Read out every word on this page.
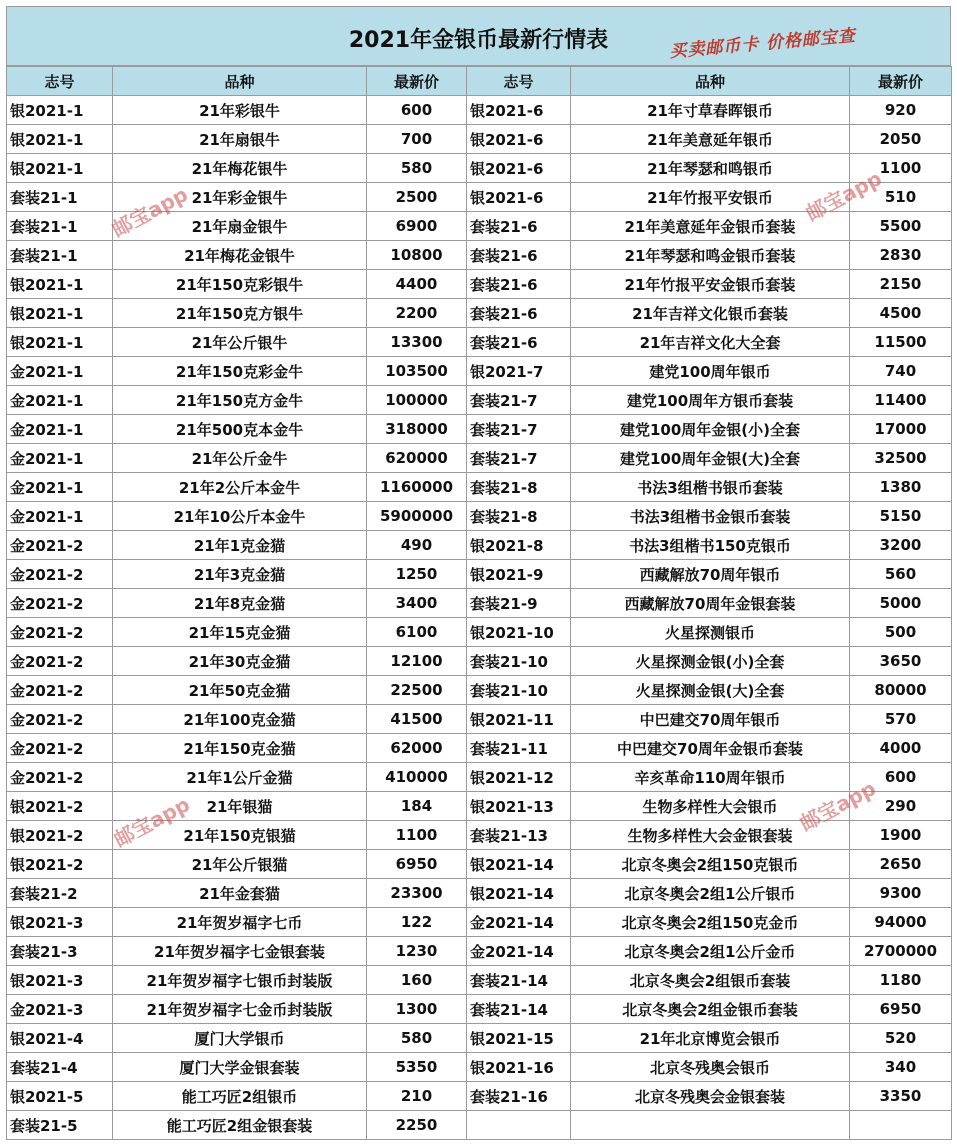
2021年金银币最新行情表	买卖邮币卡 价格邮宝查
志号	品种	最新价	志号	品种	最新价
银2021-1	21年彩银牛	600	银2021-6	21年寸草春晖银币	920
银2021-1	21年扇银牛	700	银2021-6	21年美意延年银币	2050
银2021-1	21年梅花银牛	580	银2021-6	21年琴瑟和鸣银币	1100
套装21-1	21年彩金银牛	2500	银2021-6	21年竹报平安银币	510
套装21-1	21年扇金银牛	6900	套装21-6	21年美意延年金银币套装	5500
套装21-1	21年梅花金银牛	10800	套装21-6	21年琴瑟和鸣金银币套装	2830
银2021-1	21年150克彩银牛	4400	套装21-6	21年竹报平安金银币套装	2150
银2021-1	21年150克方银牛	2200	套装21-6	21年吉祥文化银币套装	4500
银2021-1	21年公斤银牛	13300	套装21-6	21年吉祥文化大全套	11500
金2021-1	21年150克彩金牛	103500	银2021-7	建党100周年银币	740
金2021-1	21年150克方金牛	100000	套装21-7	建党100周年方银币套装	11400
金2021-1	21年500克本金牛	318000	套装21-7	建党100周年金银(小)全套	17000
金2021-1	21年公斤金牛	620000	套装21-7	建党100周年金银(大)全套	32500
金2021-1	21年2公斤本金牛	1160000	套装21-8	书法3组楷书银币套装	1380
金2021-1	21年10公斤本金牛	5900000	套装21-8	书法3组楷书金银币套装	5150
金2021-2	21年1克金猫	490	银2021-8	书法3组楷书150克银币	3200
金2021-2	21年3克金猫	1250	银2021-9	西藏解放70周年银币	560
金2021-2	21年8克金猫	3400	套装21-9	西藏解放70周年金银套装	5000
金2021-2	21年15克金猫	6100	银2021-10	火星探测银币	500
金2021-2	21年30克金猫	12100	套装21-10	火星探测金银(小)全套	3650
金2021-2	21年50克金猫	22500	套装21-10	火星探测金银(大)全套	80000
金2021-2	21年100克金猫	41500	银2021-11	中巴建交70周年银币	570
金2021-2	21年150克金猫	62000	套装21-11	中巴建交70周年金银币套装	4000
金2021-2	21年1公斤金猫	410000	银2021-12	辛亥革命110周年银币	600
银2021-2	21年银猫	184	银2021-13	生物多样性大会银币	290
银2021-2	21年150克银猫	1100	套装21-13	生物多样性大会金银套装	1900
银2021-2	21年公斤银猫	6950	银2021-14	北京冬奥会2组150克银币	2650
套装21-2	21年金套猫	23300	银2021-14	北京冬奥会2组1公斤银币	9300
银2021-3	21年贺岁福字七币	122	金2021-14	北京冬奥会2组150克金币	94000
套装21-3	21年贺岁福字七金银套装	1230	金2021-14	北京冬奥会2组1公斤金币	2700000
银2021-3	21年贺岁福字七银币封装版	160	套装21-14	北京冬奥会2组银币套装	1180
金2021-3	21年贺岁福字七金币封装版	1300	套装21-14	北京冬奥会2组金银币套装	6950
银2021-4	厦门大学银币	580	银2021-15	21年北京博览会银币	520
套装21-4	厦门大学金银套装	5350	银2021-16	北京冬残奥会银币	340
银2021-5	能工巧匠2组银币	210	套装21-16	北京冬残奥会金银套装	3350
套装21-5	能工巧匠2组金银套装	2250			
邮宝app	邮宝app
邮宝app	邮宝app
